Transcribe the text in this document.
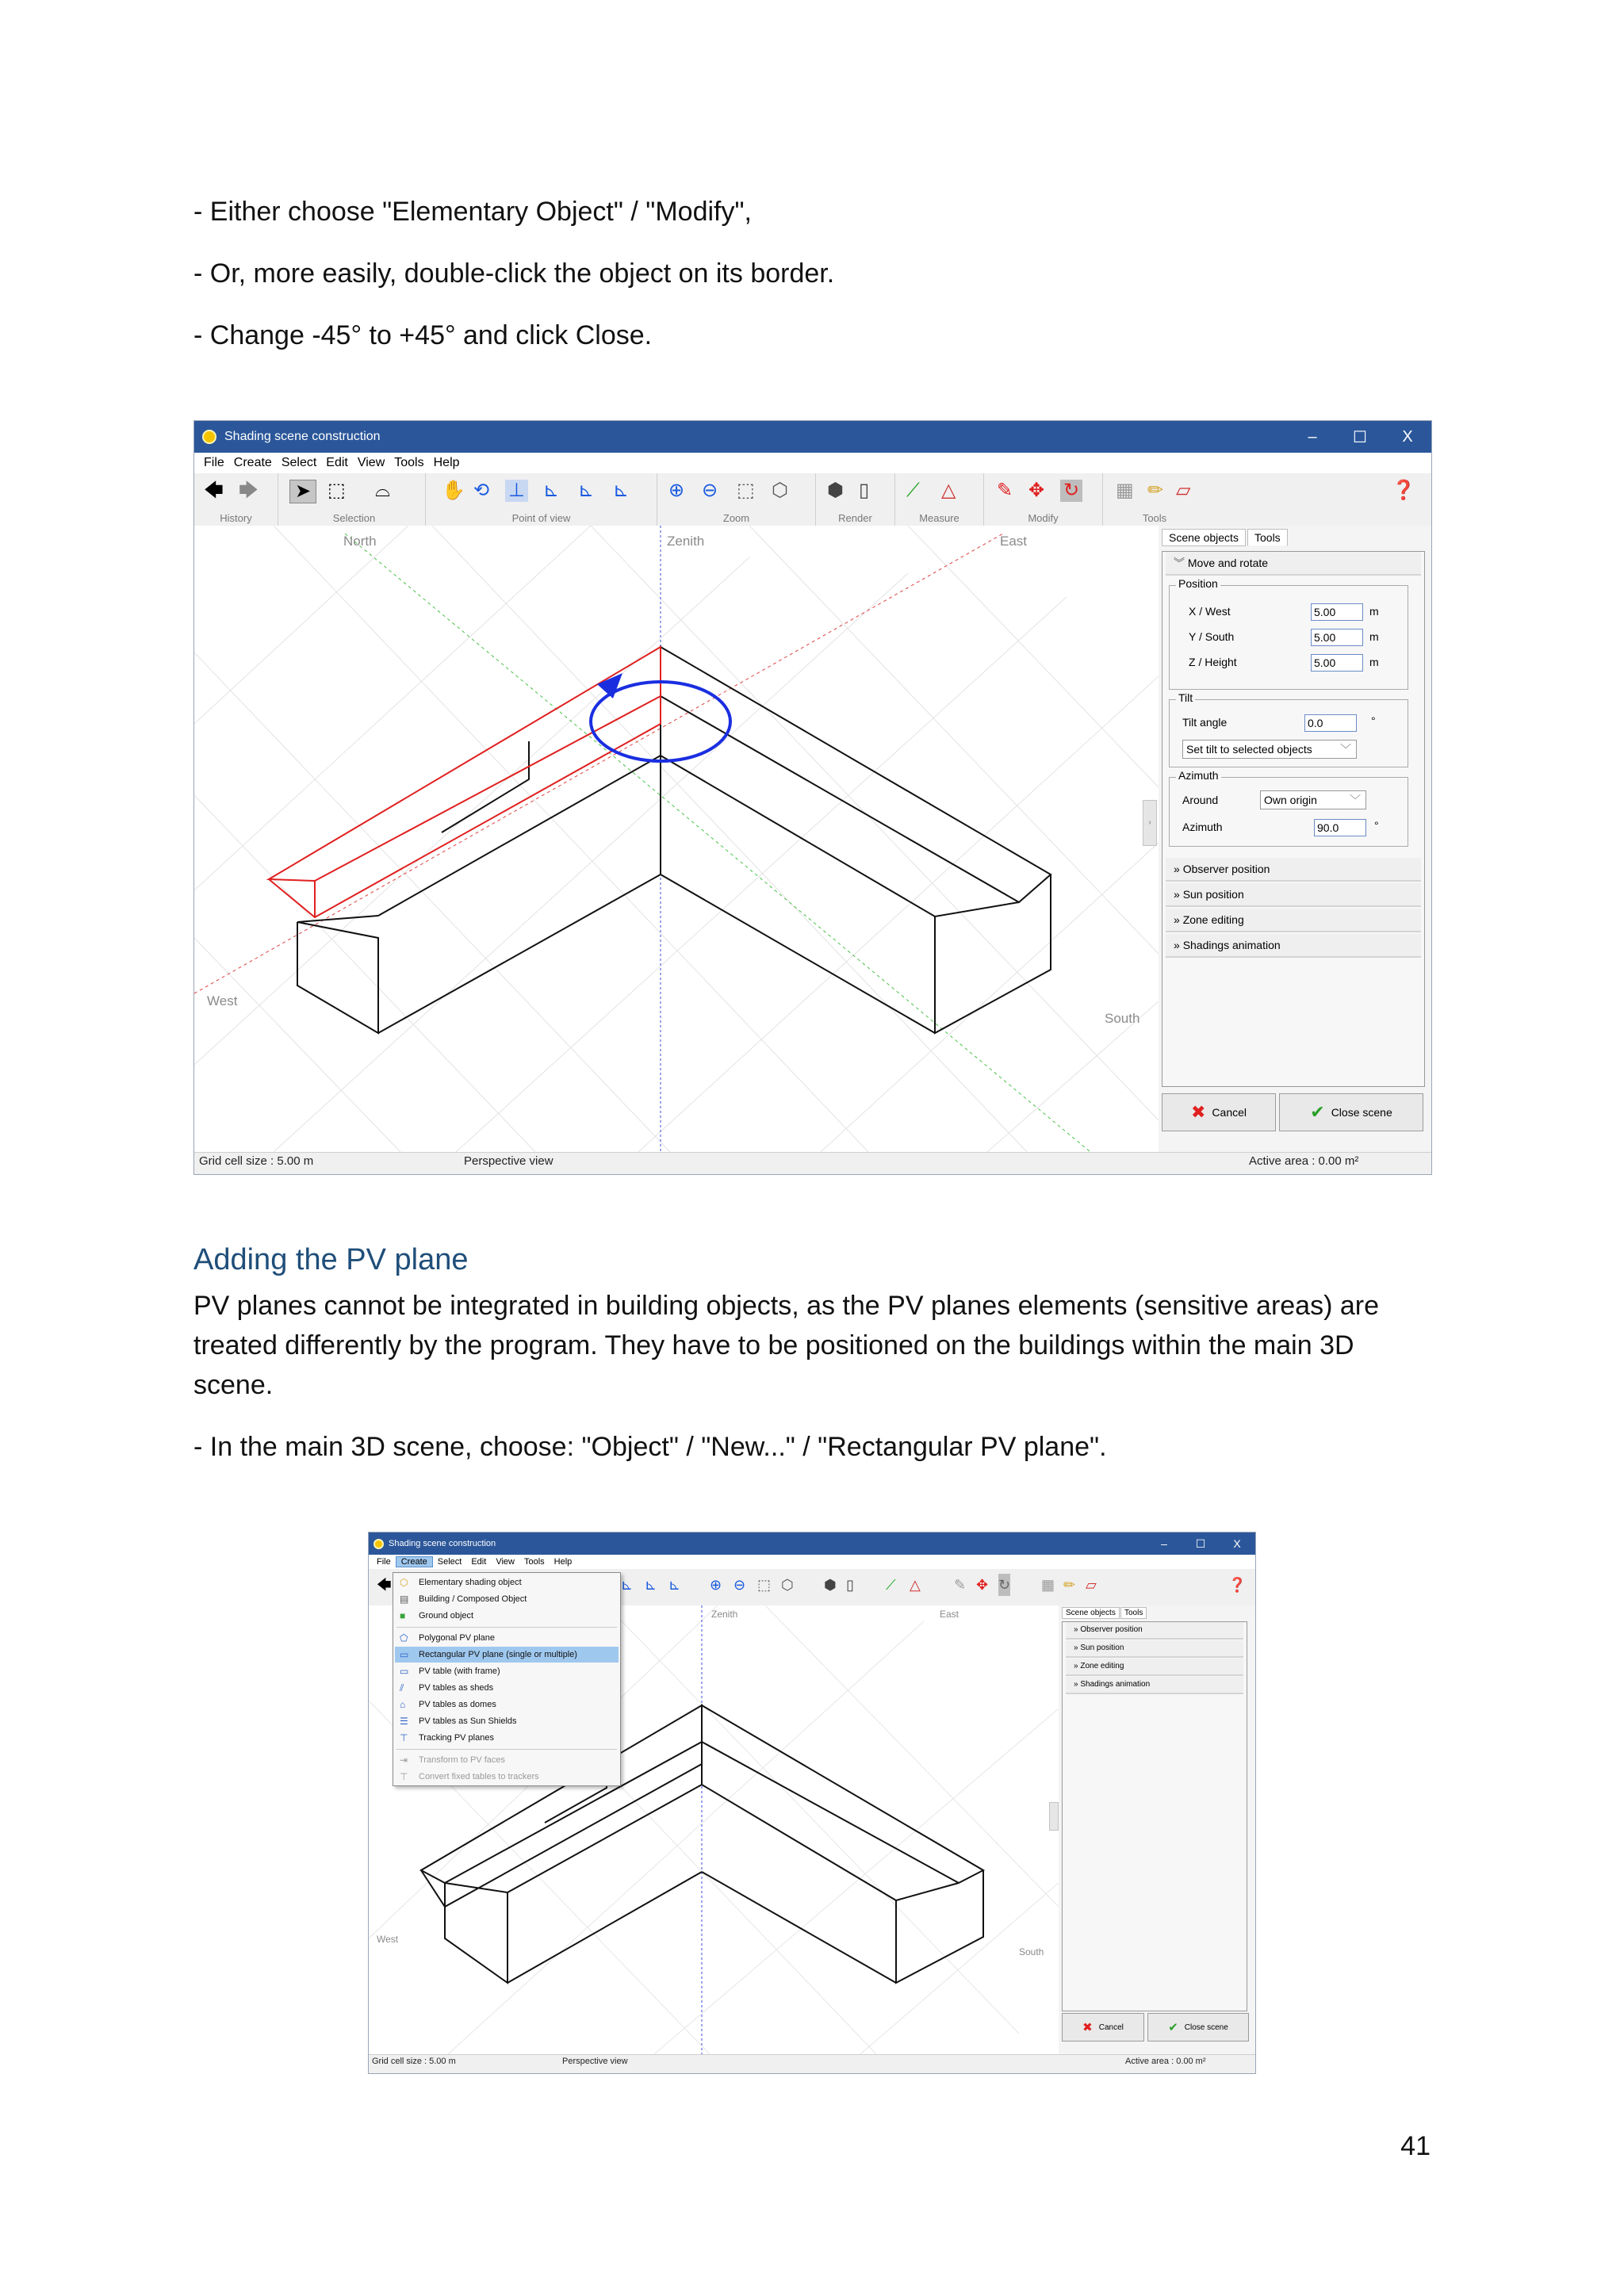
- Either choose "Elementary Object" / "Modify",

- Or, more easily, double-click the object on its border.

- Change -45° to +45° and click Close.

Shading scene construction	–	☐	X
File Create Select Edit View Tools Help
🡄 🡆
History
➤ ⬚ ⌓
Selection
✋ ⟲ ⊥ ⊾ ⊾ ⊾
Point of view
⊕ ⊖ ⬚ ⬡
Zoom
⬢ ▯
Render
⟋ △
Measure
✎ ✥ ↻
Modify
▦ ✏ ▱
Tools
❓
North	Zenith	East
West
South
›
Scene objects	Tools
︾ Move and rotate
Position
X / West	5.00	m
Y / South	5.00	m
Z / Height	5.00	m
Tilt
Tilt angle	0.0	°
Set tilt to selected objects	﹀
Azimuth
Around	Own origin	﹀
Azimuth	90.0	°
» Observer position
» Sun position
» Zone editing
» Shadings animation
✖ Cancel	✔ Close scene
Grid cell size : 5.00 m	Perspective view	Active area : 0.00 m²
Adding the PV plane

PV planes cannot be integrated in building objects, as the PV planes elements (sensitive areas) are treated differently by the program. They have to be positioned on the buildings within the main 3D scene.

- In the main 3D scene, choose: "Object" / "New..." / "Rectangular PV plane".

Shading scene construction	–	☐	X
File	Create	Select	Edit	View	Tools	Help
🡄	⊾ ⊾ ⊾ ⊕ ⊖ ⬚ ⬡ ⬢ ▯ ⟋ △ ✎ ✥ ↻ ▦ ✏ ▱	❓
Zenith	East
West
South
Scene objects	Tools
» Observer position
» Sun position
» Zone editing
» Shadings animation
✖ Cancel	✔ Close scene
Grid cell size : 5.00 m	Perspective view	Active area : 0.00 m²
⬡ Elementary shading object
▤ Building / Composed Object
■ Ground object
⬠ Polygonal PV plane
▭ Rectangular PV plane (single or multiple)
▭ PV table (with frame)
⫽ PV tables as sheds
⌂ PV tables as domes
☰ PV tables as Sun Shields
⊤ Tracking PV planes
⇥ Transform to PV faces
⊤ Convert fixed tables to trackers
41
